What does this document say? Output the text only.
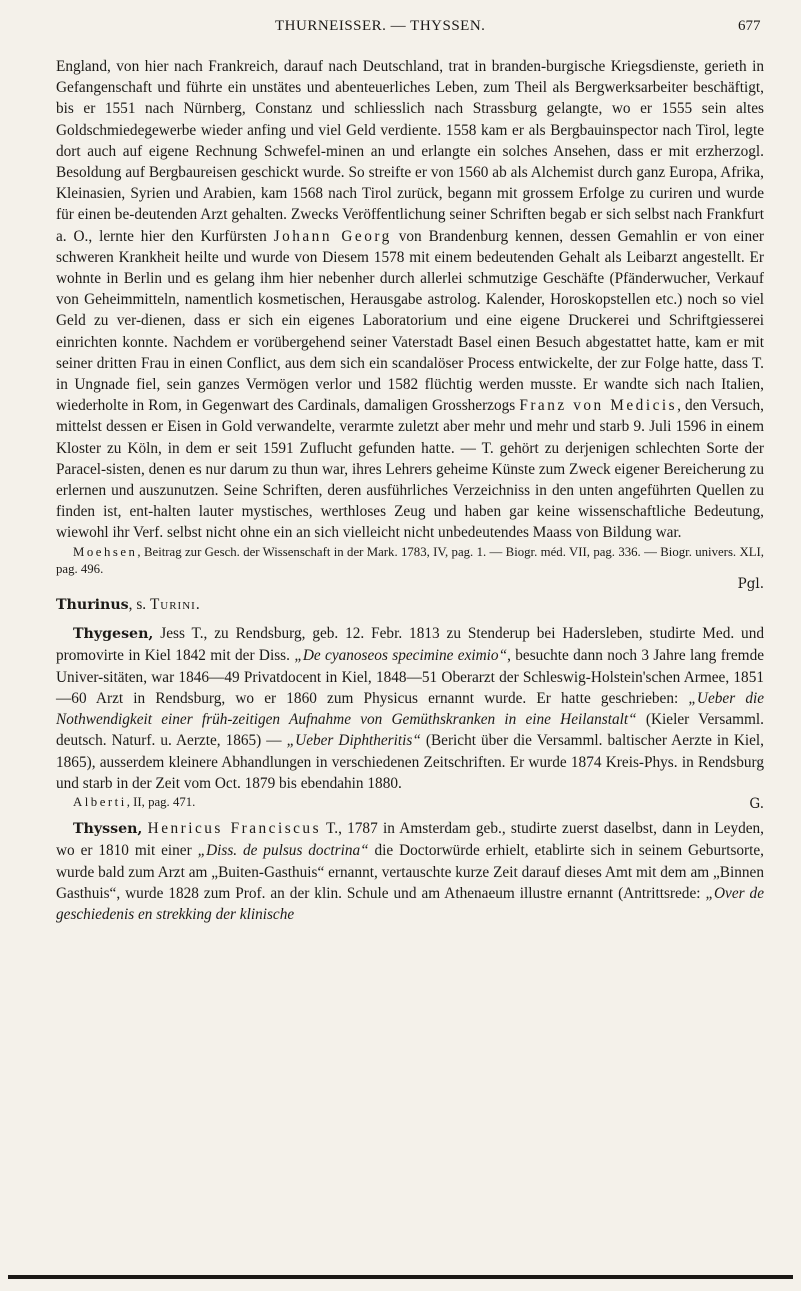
THURNEISSER. — THYSSEN.	677

England, von hier nach Frankreich, darauf nach Deutschland, trat in branden-burgische Kriegsdienste, gerieth in Gefangenschaft und führte ein unstätes und abenteuerliches Leben, zum Theil als Bergwerksarbeiter beschäftigt, bis er 1551 nach Nürnberg, Constanz und schliesslich nach Strassburg gelangte, wo er 1555 sein altes Goldschmiedegewerbe wieder anfing und viel Geld verdiente. 1558 kam er als Bergbauinspector nach Tirol, legte dort auch auf eigene Rechnung Schwefel-minen an und erlangte ein solches Ansehen, dass er mit erzherzogl. Besoldung auf Bergbaureisen geschickt wurde. So streifte er von 1560 ab als Alchemist durch ganz Europa, Afrika, Kleinasien, Syrien und Arabien, kam 1568 nach Tirol zurück, begann mit grossem Erfolge zu curiren und wurde für einen be-deutenden Arzt gehalten. Zwecks Veröffentlichung seiner Schriften begab er sich selbst nach Frankfurt a. O., lernte hier den Kurfürsten Johann Georg von Brandenburg kennen, dessen Gemahlin er von einer schweren Krankheit heilte und wurde von Diesem 1578 mit einem bedeutenden Gehalt als Leibarzt angestellt. Er wohnte in Berlin und es gelang ihm hier nebenher durch allerlei schmutzige Geschäfte (Pfänderwucher, Verkauf von Geheimmitteln, namentlich kosmetischen, Herausgabe astrolog. Kalender, Horoskopstellen etc.) noch so viel Geld zu ver-dienen, dass er sich ein eigenes Laboratorium und eine eigene Druckerei und Schriftgiesserei einrichten konnte. Nachdem er vorübergehend seiner Vaterstadt Basel einen Besuch abgestattet hatte, kam er mit seiner dritten Frau in einen Conflict, aus dem sich ein scandalöser Process entwickelte, der zur Folge hatte, dass T. in Ungnade fiel, sein ganzes Vermögen verlor und 1582 flüchtig werden musste. Er wandte sich nach Italien, wiederholte in Rom, in Gegenwart des Cardinals, damaligen Grossherzogs Franz von Medicis, den Versuch, mittelst dessen er Eisen in Gold verwandelte, verarmte zuletzt aber mehr und mehr und starb 9. Juli 1596 in einem Kloster zu Köln, in dem er seit 1591 Zuflucht gefunden hatte. — T. gehört zu derjenigen schlechten Sorte der Paracel-sisten, denen es nur darum zu thun war, ihres Lehrers geheime Künste zum Zweck eigener Bereicherung zu erlernen und auszunutzen. Seine Schriften, deren ausführliches Verzeichniss in den unten angeführten Quellen zu finden ist, ent-halten lauter mystisches, werthloses Zeug und haben gar keine wissenschaftliche Bedeutung, wiewohl ihr Verf. selbst nicht ohne ein an sich vielleicht nicht unbedeutendes Maass von Bildung war.

Moehsen, Beitrag zur Gesch. der Wissenschaft in der Mark. 1783, IV, pag. 1. — Biogr. méd. VII, pag. 336. — Biogr. univers. XLI, pag. 496.

Pgl.

Thurinus, s. Turini.

Thygesen, Jess T., zu Rendsburg, geb. 12. Febr. 1813 zu Stenderup bei Hadersleben, studirte Med. und promovirte in Kiel 1842 mit der Diss. „De cyanoseos specimine eximio“, besuchte dann noch 3 Jahre lang fremde Univer-sitäten, war 1846—49 Privatdocent in Kiel, 1848—51 Oberarzt der Schleswig-Holstein'schen Armee, 1851—60 Arzt in Rendsburg, wo er 1860 zum Physicus ernannt wurde. Er hatte geschrieben: „Ueber die Nothwendigkeit einer früh-zeitigen Aufnahme von Gemüthskranken in eine Heilanstalt“ (Kieler Versamml. deutsch. Naturf. u. Aerzte, 1865) — „Ueber Diphtheritis“ (Bericht über die Versamml. baltischer Aerzte in Kiel, 1865), ausserdem kleinere Abhandlungen in verschiedenen Zeitschriften. Er wurde 1874 Kreis-Phys. in Rendsburg und starb in der Zeit vom Oct. 1879 bis ebendahin 1880.

Alberti, II, pag. 471.	G.

Thyssen, Henricus Franciscus T., 1787 in Amsterdam geb., studirte zuerst daselbst, dann in Leyden, wo er 1810 mit einer „Diss. de pulsus doctrina“ die Doctorwürde erhielt, etablirte sich in seinem Geburtsorte, wurde bald zum Arzt am „Buiten-Gasthuis“ ernannt, vertauschte kurze Zeit darauf dieses Amt mit dem am „Binnen Gasthuis“, wurde 1828 zum Prof. an der klin. Schule und am Athenaeum illustre ernannt (Antrittsrede: „Over de geschiedenis en strekking der klinische
